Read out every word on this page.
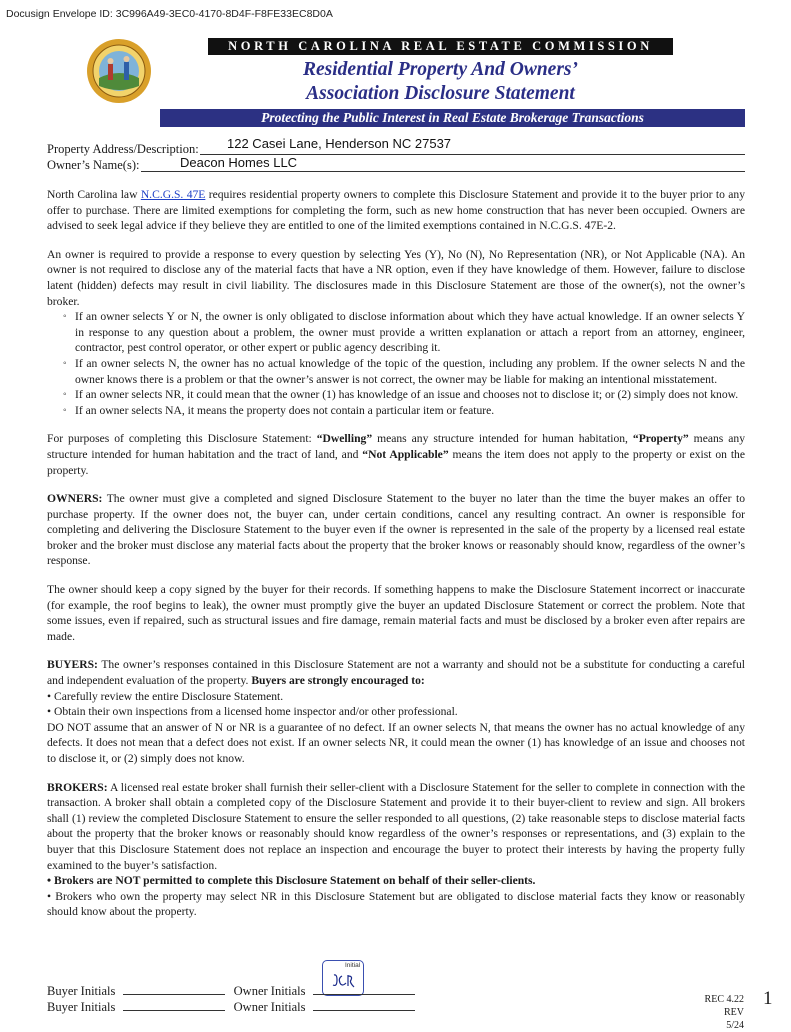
Docusign Envelope ID: 3C996A49-3EC0-4170-8D4F-F8FE33EC8D0A
NORTH CAROLINA REAL ESTATE COMMISSION
Residential Property And Owners’
Association Disclosure Statement
Protecting the Public Interest in Real Estate Brokerage Transactions
Property Address/Description: 122 Casei Lane, Henderson NC 27537
Owner’s Name(s):	Deacon Homes LLC

North Carolina law N.C.G.S. 47E requires residential property owners to complete this Disclosure Statement and provide it to the buyer prior to any offer to purchase. There are limited exemptions for completing the form, such as new home construction that has never been occupied. Owners are advised to seek legal advice if they believe they are entitled to one of the limited exemptions contained in N.C.G.S. 47E-2.

An owner is required to provide a response to every question by selecting Yes (Y), No (N), No Representation (NR), or Not Applicable (NA). An owner is not required to disclose any of the material facts that have a NR option, even if they have knowledge of them. However, failure to disclose latent (hidden) defects may result in civil liability. The disclosures made in this Disclosure Statement are those of the owner(s), not the owner’s broker.

◦ If an owner selects Y or N, the owner is only obligated to disclose information about which they have actual knowledge. If an owner selects Y in response to any question about a problem, the owner must provide a written explanation or attach a report from an attorney, engineer, contractor, pest control operator, or other expert or public agency describing it.
◦ If an owner selects N, the owner has no actual knowledge of the topic of the question, including any problem. If the owner selects N and the owner knows there is a problem or that the owner’s answer is not correct, the owner may be liable for making an intentional misstatement.
◦ If an owner selects NR, it could mean that the owner (1) has knowledge of an issue and chooses not to disclose it; or (2) simply does not know.
◦ If an owner selects NA, it means the property does not contain a particular item or feature.

For purposes of completing this Disclosure Statement: “Dwelling” means any structure intended for human habitation, “Property” means any structure intended for human habitation and the tract of land, and “Not Applicable” means the item does not apply to the property or exist on the property.

OWNERS: The owner must give a completed and signed Disclosure Statement to the buyer no later than the time the buyer makes an offer to purchase property. If the owner does not, the buyer can, under certain conditions, cancel any resulting contract. An owner is responsible for completing and delivering the Disclosure Statement to the buyer even if the owner is represented in the sale of the property by a licensed real estate broker and the broker must disclose any material facts about the property that the broker knows or reasonably should know, regardless of the owner’s response.

The owner should keep a copy signed by the buyer for their records. If something happens to make the Disclosure Statement incorrect or inaccurate (for example, the roof begins to leak), the owner must promptly give the buyer an updated Disclosure Statement or correct the problem. Note that some issues, even if repaired, such as structural issues and fire damage, remain material facts and must be disclosed by a broker even after repairs are made.

BUYERS: The owner’s responses contained in this Disclosure Statement are not a warranty and should not be a substitute for conducting a careful and independent evaluation of the property. Buyers are strongly encouraged to:
• Carefully review the entire Disclosure Statement.
• Obtain their own inspections from a licensed home inspector and/or other professional.
DO NOT assume that an answer of N or NR is a guarantee of no defect. If an owner selects N, that means the owner has no actual knowledge of any defects. It does not mean that a defect does not exist. If an owner selects NR, it could mean the owner (1) has knowledge of an issue and chooses not to disclose it, or (2) simply does not know.

BROKERS: A licensed real estate broker shall furnish their seller-client with a Disclosure Statement for the seller to complete in connection with the transaction. A broker shall obtain a completed copy of the Disclosure Statement and provide it to their buyer-client to review and sign. All brokers shall (1) review the completed Disclosure Statement to ensure the seller responded to all questions, (2) take reasonable steps to disclose material facts about the property that the broker knows or reasonably should know regardless of the owner’s responses or representations, and (3) explain to the buyer that this Disclosure Statement does not replace an inspection and encourage the buyer to protect their interests by having the property fully examined to the buyer’s satisfaction.

• Brokers are NOT permitted to complete this Disclosure Statement on behalf of their seller-clients.
• Brokers who own the property may select NR in this Disclosure Statement but are obligated to disclose material facts they know or reasonably should know about the property.
Initial
Buyer Initials	Owner Initials
Buyer Initials	Owner Initials
REC 4.22
REV 5/24
1
